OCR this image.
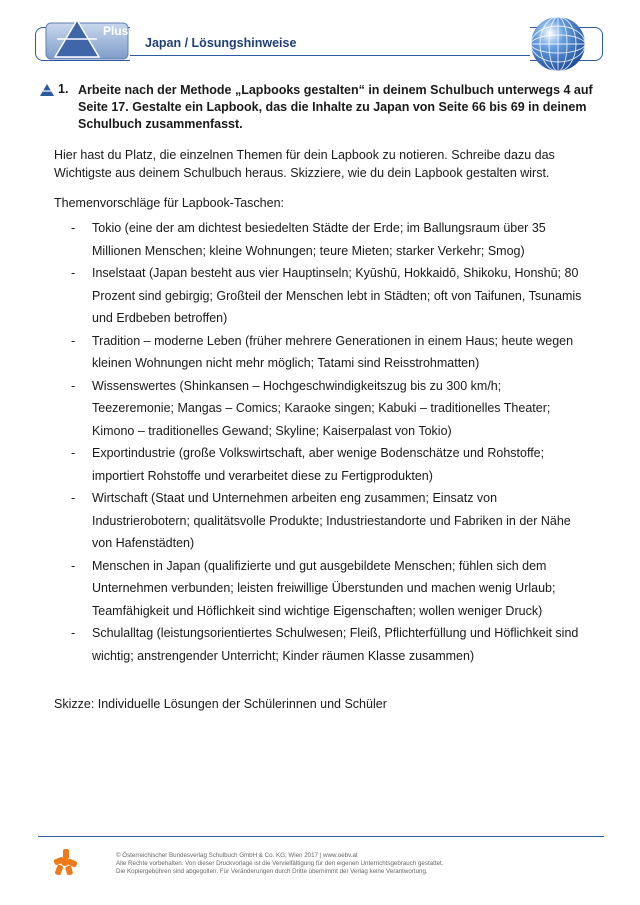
Plus
Japan / Lösungshinweise
1. Arbeite nach der Methode „Lapbooks gestalten“ in deinem Schulbuch unterwegs 4 auf
Seite 17. Gestalte ein Lapbook, das die Inhalte zu Japan von Seite 66 bis 69 in deinem
Schulbuch zusammenfasst.
Hier hast du Platz, die einzelnen Themen für dein Lapbook zu notieren. Schreibe dazu das
Wichtigste aus deinem Schulbuch heraus. Skizziere, wie du dein Lapbook gestalten wirst.
Themenvorschläge für Lapbook-Taschen:
- Tokio (eine der am dichtest besiedelten Städte der Erde; im Ballungsraum über 35
Millionen Menschen; kleine Wohnungen; teure Mieten; starker Verkehr; Smog)
- Inselstaat (Japan besteht aus vier Hauptinseln; Kyūshū, Hokkaidō, Shikoku, Honshū; 80
Prozent sind gebirgig; Großteil der Menschen lebt in Städten; oft von Taifunen, Tsunamis
und Erdbeben betroffen)
- Tradition – moderne Leben (früher mehrere Generationen in einem Haus; heute wegen
kleinen Wohnungen nicht mehr möglich; Tatami sind Reisstrohmatten)
- Wissenswertes (Shinkansen – Hochgeschwindigkeitszug bis zu 300 km/h;
Teezeremonie; Mangas – Comics; Karaoke singen; Kabuki – traditionelles Theater;
Kimono – traditionelles Gewand; Skyline; Kaiserpalast von Tokio)
- Exportindustrie (große Volkswirtschaft, aber wenige Bodenschätze und Rohstoffe;
importiert Rohstoffe und verarbeitet diese zu Fertigprodukten)
- Wirtschaft (Staat und Unternehmen arbeiten eng zusammen; Einsatz von
Industrierobotern; qualitätsvolle Produkte; Industriestandorte und Fabriken in der Nähe
von Hafenstädten)
- Menschen in Japan (qualifizierte und gut ausgebildete Menschen; fühlen sich dem
Unternehmen verbunden; leisten freiwillige Überstunden und machen wenig Urlaub;
Teamfähigkeit und Höflichkeit sind wichtige Eigenschaften; wollen weniger Druck)
- Schulalltag (leistungsorientiertes Schulwesen; Fleiß, Pflichterfüllung und Höflichkeit sind
wichtig; anstrengender Unterricht; Kinder räumen Klasse zusammen)
Skizze: Individuelle Lösungen der Schülerinnen und Schüler
© Österreichischer Bundesverlag Schulbuch GmbH & Co. KG, Wien 2017 | www.oebv.at
Alle Rechte vorbehalten. Von dieser Druckvorlage ist die Vervielfältigung für den eigenen Unterrichtsgebrauch gestattet.
Die Kopiergebühren sind abgegolten. Für Veränderungen durch Dritte übernimmt der Verlag keine Verantwortung.
